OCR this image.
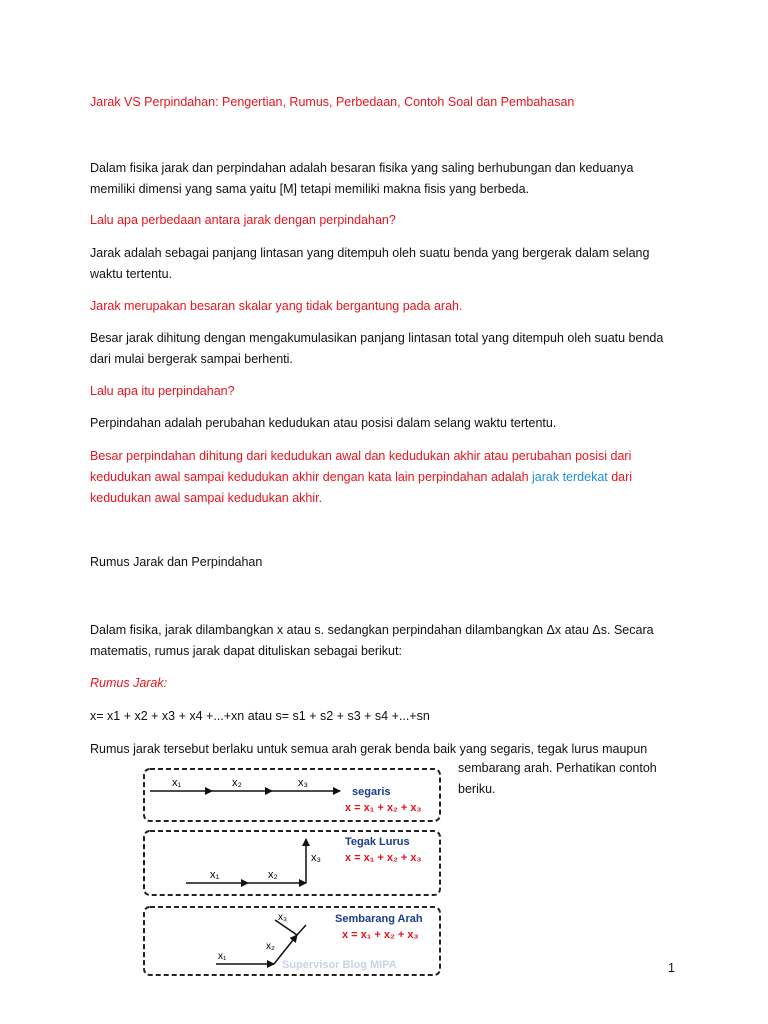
Jarak VS Perpindahan: Pengertian, Rumus, Perbedaan, Contoh Soal dan Pembahasan

Dalam fisika jarak dan perpindahan adalah besaran fisika yang saling berhubungan dan keduanya
memiliki dimensi yang sama yaitu [M] tetapi memiliki makna fisis yang berbeda.

Lalu apa perbedaan antara jarak dengan perpindahan?

Jarak adalah sebagai panjang lintasan yang ditempuh oleh suatu benda yang bergerak dalam selang
waktu tertentu.

Jarak merupakan besaran skalar yang tidak bergantung pada arah.

Besar jarak dihitung dengan mengakumulasikan panjang lintasan total yang ditempuh oleh suatu benda
dari mulai bergerak sampai berhenti.

Lalu apa itu perpindahan?

Perpindahan adalah perubahan kedudukan atau posisi dalam selang waktu tertentu.

Besar perpindahan dihitung dari kedudukan awal dan kedudukan akhir atau perubahan posisi dari
kedudukan awal sampai kedudukan akhir dengan kata lain perpindahan adalah jarak terdekat dari
kedudukan awal sampai kedudukan akhir.

Rumus Jarak dan Perpindahan

Dalam fisika, jarak dilambangkan x atau s. sedangkan perpindahan dilambangkan Δx atau Δs. Secara
matematis, rumus jarak dapat dituliskan sebagai berikut:

Rumus Jarak:

x= x1 + x2 + x3 + x4 +...+xn atau s= s1 + s2 + s3 + s4 +...+sn

Rumus jarak tersebut berlaku untuk semua arah gerak benda baik yang segaris, tegak lurus maupun

sembarang arah. Perhatikan contoh

beriku.

x₁	x₂	x₃
segaris
x = x₁ + x₂ + x₃
x₁	x₂
x₃
Tegak Lurus
x = x₁ + x₂ + x₃
x₁
x₂
x₃	Sembarang Arah
x = x₁ + x₂ + x₃
Supervisor Blog MIPA	1
